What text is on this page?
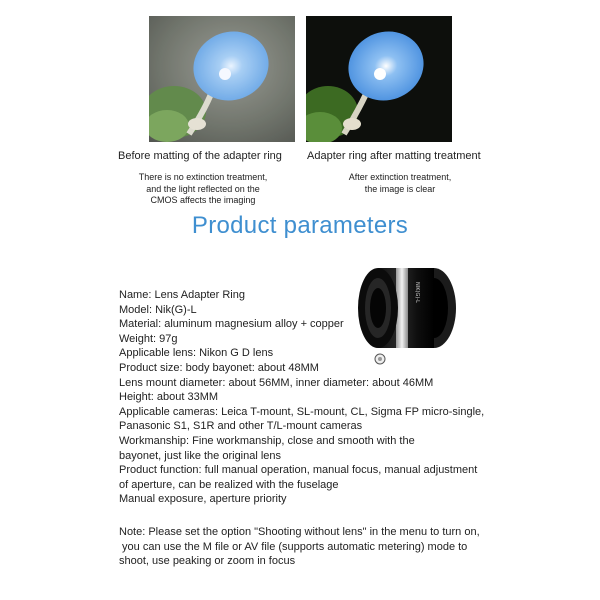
Before matting of the adapter ring Adapter ring after matting treatment
There is no extinction treatment,
and the light reflected on the
CMOS affects the imaging
After extinction treatment,
the image is clear
Product parameters
NIK(G)-L
Name: Lens Adapter Ring
Model: Nik(G)-L
Material: aluminum magnesium alloy + copper
Weight: 97g
Applicable lens: Nikon G D lens
Product size: body bayonet: about 48MM
Lens mount diameter: about 56MM, inner diameter: about 46MM
Height: about 33MM
Applicable cameras: Leica T-mount, SL-mount, CL, Sigma FP micro-single,
Panasonic S1, S1R and other T/L-mount cameras
Workmanship: Fine workmanship, close and smooth with the
bayonet, just like the original lens
Product function: full manual operation, manual focus, manual adjustment
of aperture, can be realized with the fuselage
Manual exposure, aperture priority
Note: Please set the option "Shooting without lens" in the menu to turn on,
you can use the M file or AV file (supports automatic metering) mode to
shoot, use peaking or zoom in focus
